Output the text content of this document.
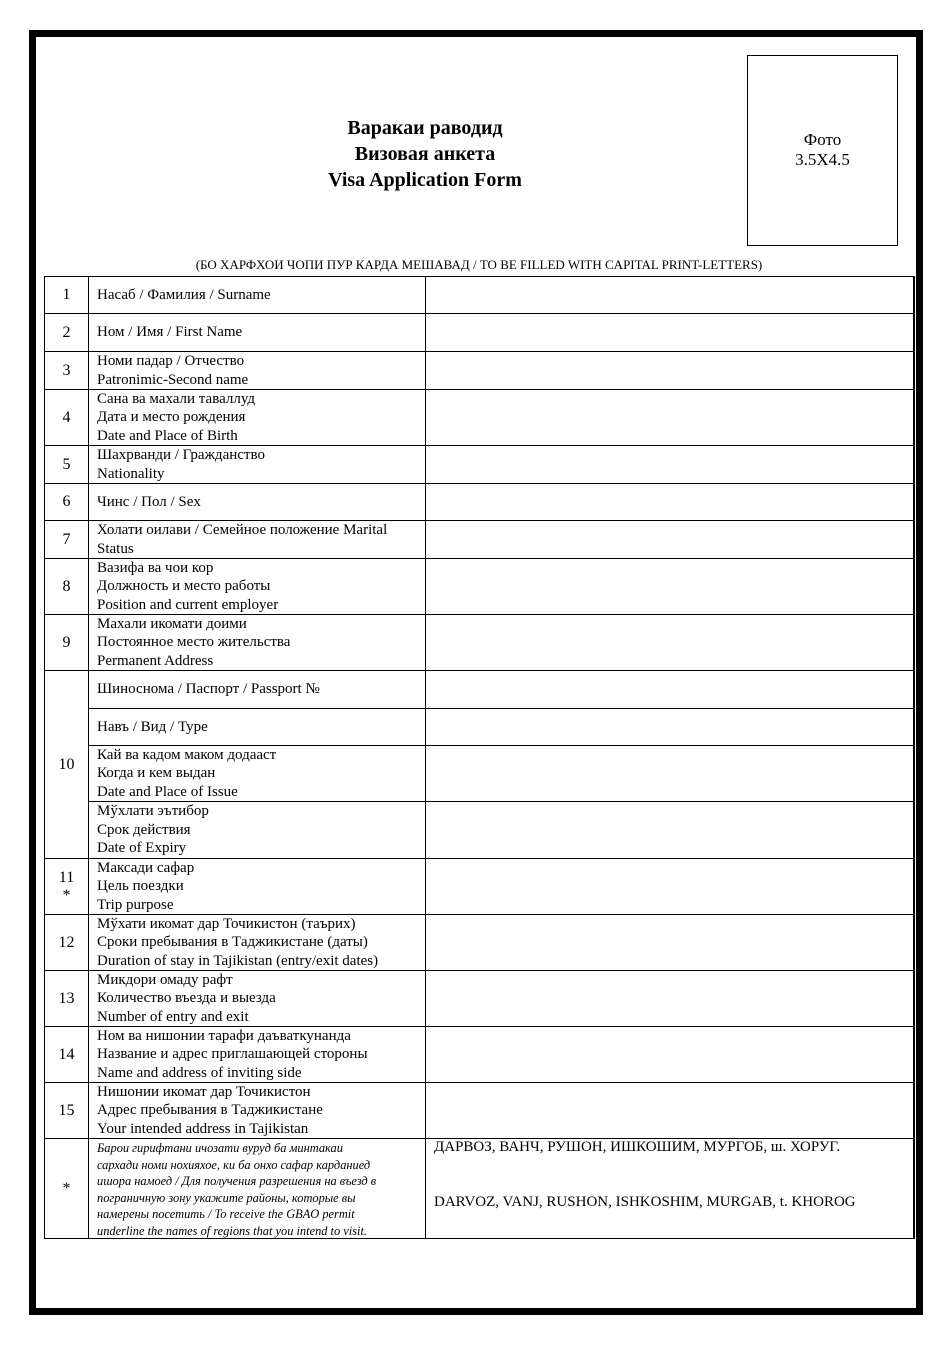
Варакаи раводид
Визовая анкета
Visa Application Form
Фото
3.5X4.5
(БО ХАРФХОИ ЧОПИ ПУР КАРДА МЕШАВАД / TO BE FILLED WITH CAPITAL PRINT-LETTERS)
1 Насаб / Фамилия / Surname
2 Ном / Имя / First Name
3
Номи падар / Отчество
Patronimic-Second name
4
Сана ва махали таваллуд
Дата и место рождения
Date and Place of Birth
5
Шахрванди / Гражданство
Nationality
6 Чинс / Пол / Sex
7
Холати оилави / Семейное положение Marital
Status
8
Вазифа ва чои кор
Должность и место работы
Position and current employer
9
Махали икомати доими
Постоянное место жительства
Permanent Address
10
Шиноснома / Паспорт / Passport №
Навъ / Вид / Type
Кай ва кадом маком додааст
Когда и кем выдан
Date and Place of Issue
Мўхлати эътибор
Срок действия
Date of Expiry
11
*
Максади сафар
Цель поездки
Trip purpose
12
Мўхати икомат дар Точикистон (таърих)
Сроки пребывания в Таджикистане (даты)
Duration of stay in Tajikistan (entry/exit dates)
13
Микдори омаду рафт
Количество въезда и выезда
Number of entry and exit
14
Ном ва нишонии тарафи даъваткунанда
Название и адрес приглашающей стороны
Name and address of inviting side
15
Нишонии икомат дар Точикистон
Адрес пребывания в Таджикистане
Your intended address in Tajikistan
*
Барои гирифтани ичозати вуруд ба минтакаи
сархади номи нохияхое, ки ба онхо сафар карданиед
ишора намоед / Для получения разрешения на въезд в
пограничную зону укажите районы, которые вы
намерены посетить / To receive the GBAO permit
underline the names of regions that you intend to visit.
ДАРВОЗ, ВАНЧ, РУШОН, ИШКОШИМ, МУРГОБ, ш. ХОРУГ.
DARVOZ, VANJ, RUSHON, ISHKOSHIM, MURGAB, t. KHOROG
